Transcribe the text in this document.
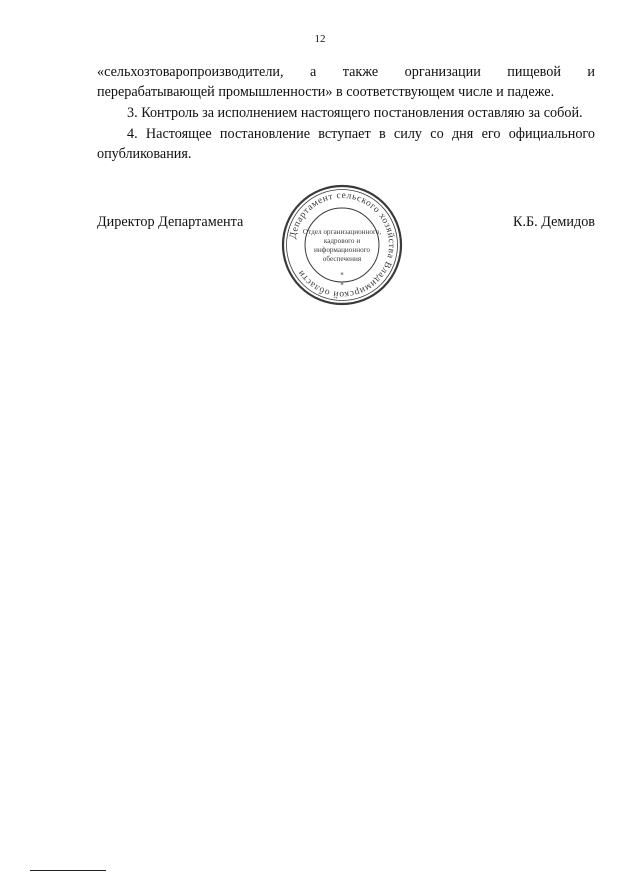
12

«сельхозтоваропроизводители, а также организации пищевой и

перерабатывающей промышленности» в соответствующем числе и падеже.

3. Контроль за исполнением настоящего постановления оставляю за собой.

4. Настоящее постановление вступает в силу со дня его официального опубликования.

Директор Департамента	К.Б. Демидов
Департамент сельского хозяйства Владимирской области
Отдел организационного,
кадрового и
информационного
обеспечения
*
*
